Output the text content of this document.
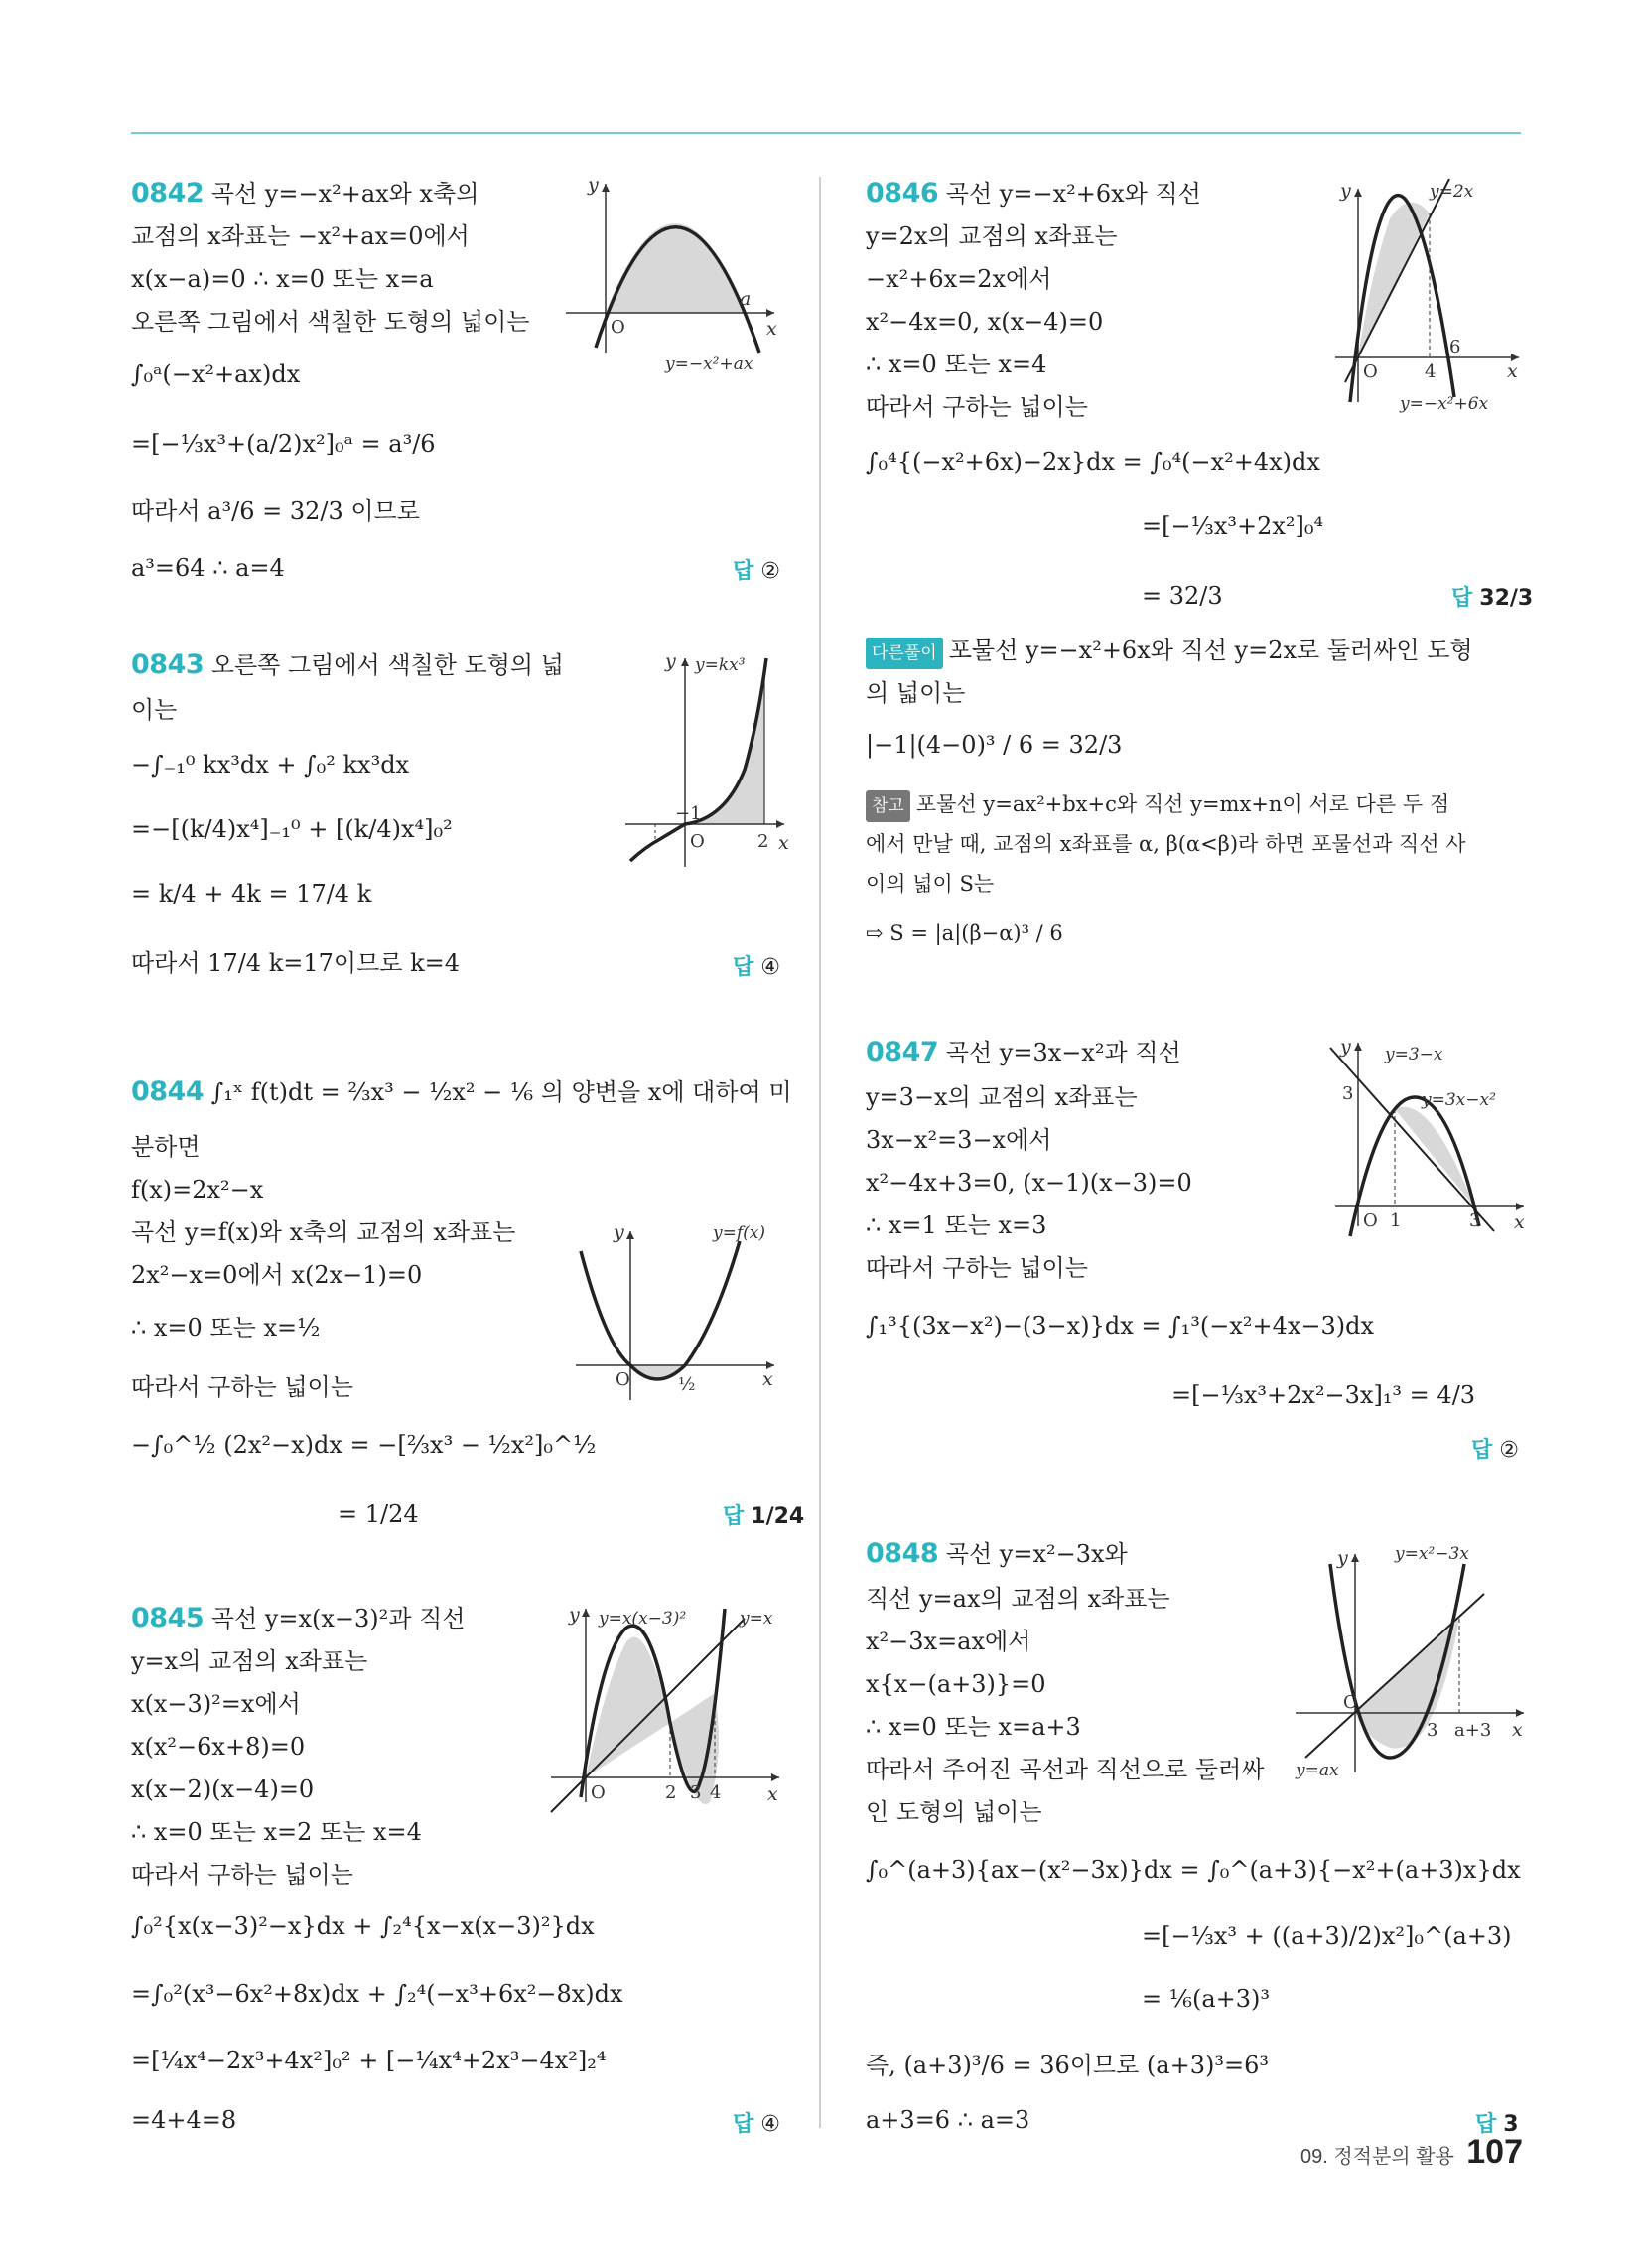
0842 곡선 y=−x²+ax와 x축의
교점의 x좌표는 −x²+ax=0에서
x(x−a)=0 ∴ x=0 또는 x=a
오른쪽 그림에서 색칠한 도형의 넓이는
∫₀ᵃ(−x²+ax)dx
=[−⅓x³+(a/2)x²]₀ᵃ = a³/6
따라서 a³/6 = 32/3 이므로
a³=64 ∴ a=4	답 ②
y
x
O
a
y=−x²+ax
0843 오른쪽 그림에서 색칠한 도형의 넓
이는
−∫₋₁⁰ kx³dx + ∫₀² kx³dx
=−[(k/4)x⁴]₋₁⁰ + [(k/4)x⁴]₀²
= k/4 + 4k = 17/4 k
따라서 17/4 k=17이므로 k=4	답 ④
y
x
−1
O	2
y=kx³
0844 ∫₁ˣ f(t)dt = ⅔x³ − ½x² − ⅙ 의 양변을 x에 대하여 미
분하면
f(x)=2x²−x
곡선 y=f(x)와 x축의 교점의 x좌표는
2x²−x=0에서 x(2x−1)=0
∴ x=0 또는 x=½
따라서 구하는 넓이는
−∫₀^½ (2x²−x)dx = −[⅔x³ − ½x²]₀^½
= 1/24	답 1/24
y
x
O	½
y=f(x)
0845 곡선 y=x(x−3)²과 직선
y=x의 교점의 x좌표는
x(x−3)²=x에서
x(x²−6x+8)=0
x(x−2)(x−4)=0
∴ x=0 또는 x=2 또는 x=4
따라서 구하는 넓이는
∫₀²{x(x−3)²−x}dx + ∫₂⁴{x−x(x−3)²}dx
=∫₀²(x³−6x²+8x)dx + ∫₂⁴(−x³+6x²−8x)dx
=[¼x⁴−2x³+4x²]₀² + [−¼x⁴+2x³−4x²]₂⁴
=4+4=8	답 ④
y
x
O	2 3 4
y=x(x−3)²	y=x
0846 곡선 y=−x²+6x와 직선
y=2x의 교점의 x좌표는
−x²+6x=2x에서
x²−4x=0, x(x−4)=0
∴ x=0 또는 x=4
따라서 구하는 넓이는
∫₀⁴{(−x²+6x)−2x}dx = ∫₀⁴(−x²+4x)dx
=[−⅓x³+2x²]₀⁴
= 32/3	답 32/3
다른풀이 포물선 y=−x²+6x와 직선 y=2x로 둘러싸인 도형
의 넓이는
|−1|(4−0)³ / 6 = 32/3
참고 포물선 y=ax²+bx+c와 직선 y=mx+n이 서로 다른 두 점
에서 만날 때, 교점의 x좌표를 α, β(α<β)라 하면 포물선과 직선 사
이의 넓이 S는
⇨ S = |a|(β−α)³ / 6
y
x
O	4
6
y=2x
y=−x²+6x
0847 곡선 y=3x−x²과 직선
y=3−x의 교점의 x좌표는
3x−x²=3−x에서
x²−4x+3=0, (x−1)(x−3)=0
∴ x=1 또는 x=3
따라서 구하는 넓이는
∫₁³{(3x−x²)−(3−x)}dx = ∫₁³(−x²+4x−3)dx
=[−⅓x³+2x²−3x]₁³ = 4/3
답 ②
y
x
O 1	3
3
y=3−x
y=3x−x²
0848 곡선 y=x²−3x와
직선 y=ax의 교점의 x좌표는
x²−3x=ax에서
x{x−(a+3)}=0
∴ x=0 또는 x=a+3
따라서 주어진 곡선과 직선으로 둘러싸
인 도형의 넓이는
∫₀^(a+3){ax−(x²−3x)}dx = ∫₀^(a+3){−x²+(a+3)x}dx
=[−⅓x³ + ((a+3)/2)x²]₀^(a+3)
= ⅙(a+3)³
즉, (a+3)³/6 = 36이므로 (a+3)³=6³
a+3=6 ∴ a=3	답 3
y
x
O
3 a+3
y=x²−3x
y=ax
09. 정적분의 활용 107
